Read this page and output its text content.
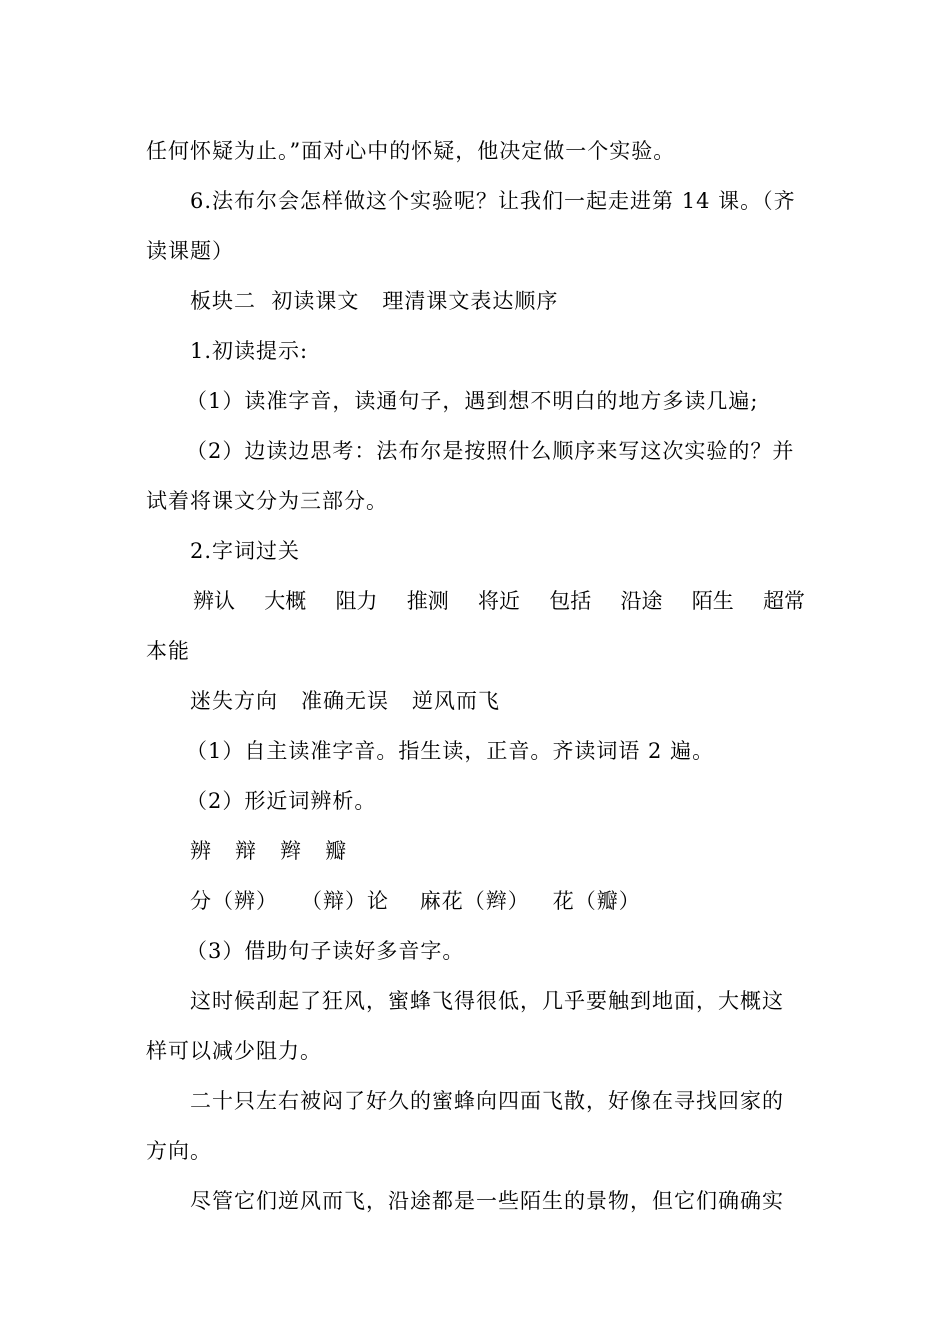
任何怀疑为止。”面对心中的怀疑，他决定做一个实验。
6.法布尔会怎样做这个实验呢？让我们一起走进第 14 课。（齐
读课题）
板块二  初读课文   理清课文表达顺序
1.初读提示:
（1）读准字音，读通句子，遇到想不明白的地方多读几遍;
（2）边读边思考：法布尔是按照什么顺序来写这次实验的？并
试着将课文分为三部分。
2.字词过关
辨认 大概 阻力 推测 将近 包括 沿途 陌生 超常
本能
迷失方向   准确无误   逆风而飞
（1）自主读准字音。指生读，正音。齐读词语 2 遍。
（2）形近词辨析。
辨   辩   辫   瓣
分（辨）   （辩）论    麻花（辫）   花（瓣）
（3）借助句子读好多音字。
这时候刮起了狂风，蜜蜂飞得很低，几乎要触到地面，大概这
样可以减少阻力。
二十只左右被闷了好久的蜜蜂向四面飞散，好像在寻找回家的
方向。
尽管它们逆风而飞，沿途都是一些陌生的景物，但它们确确实
